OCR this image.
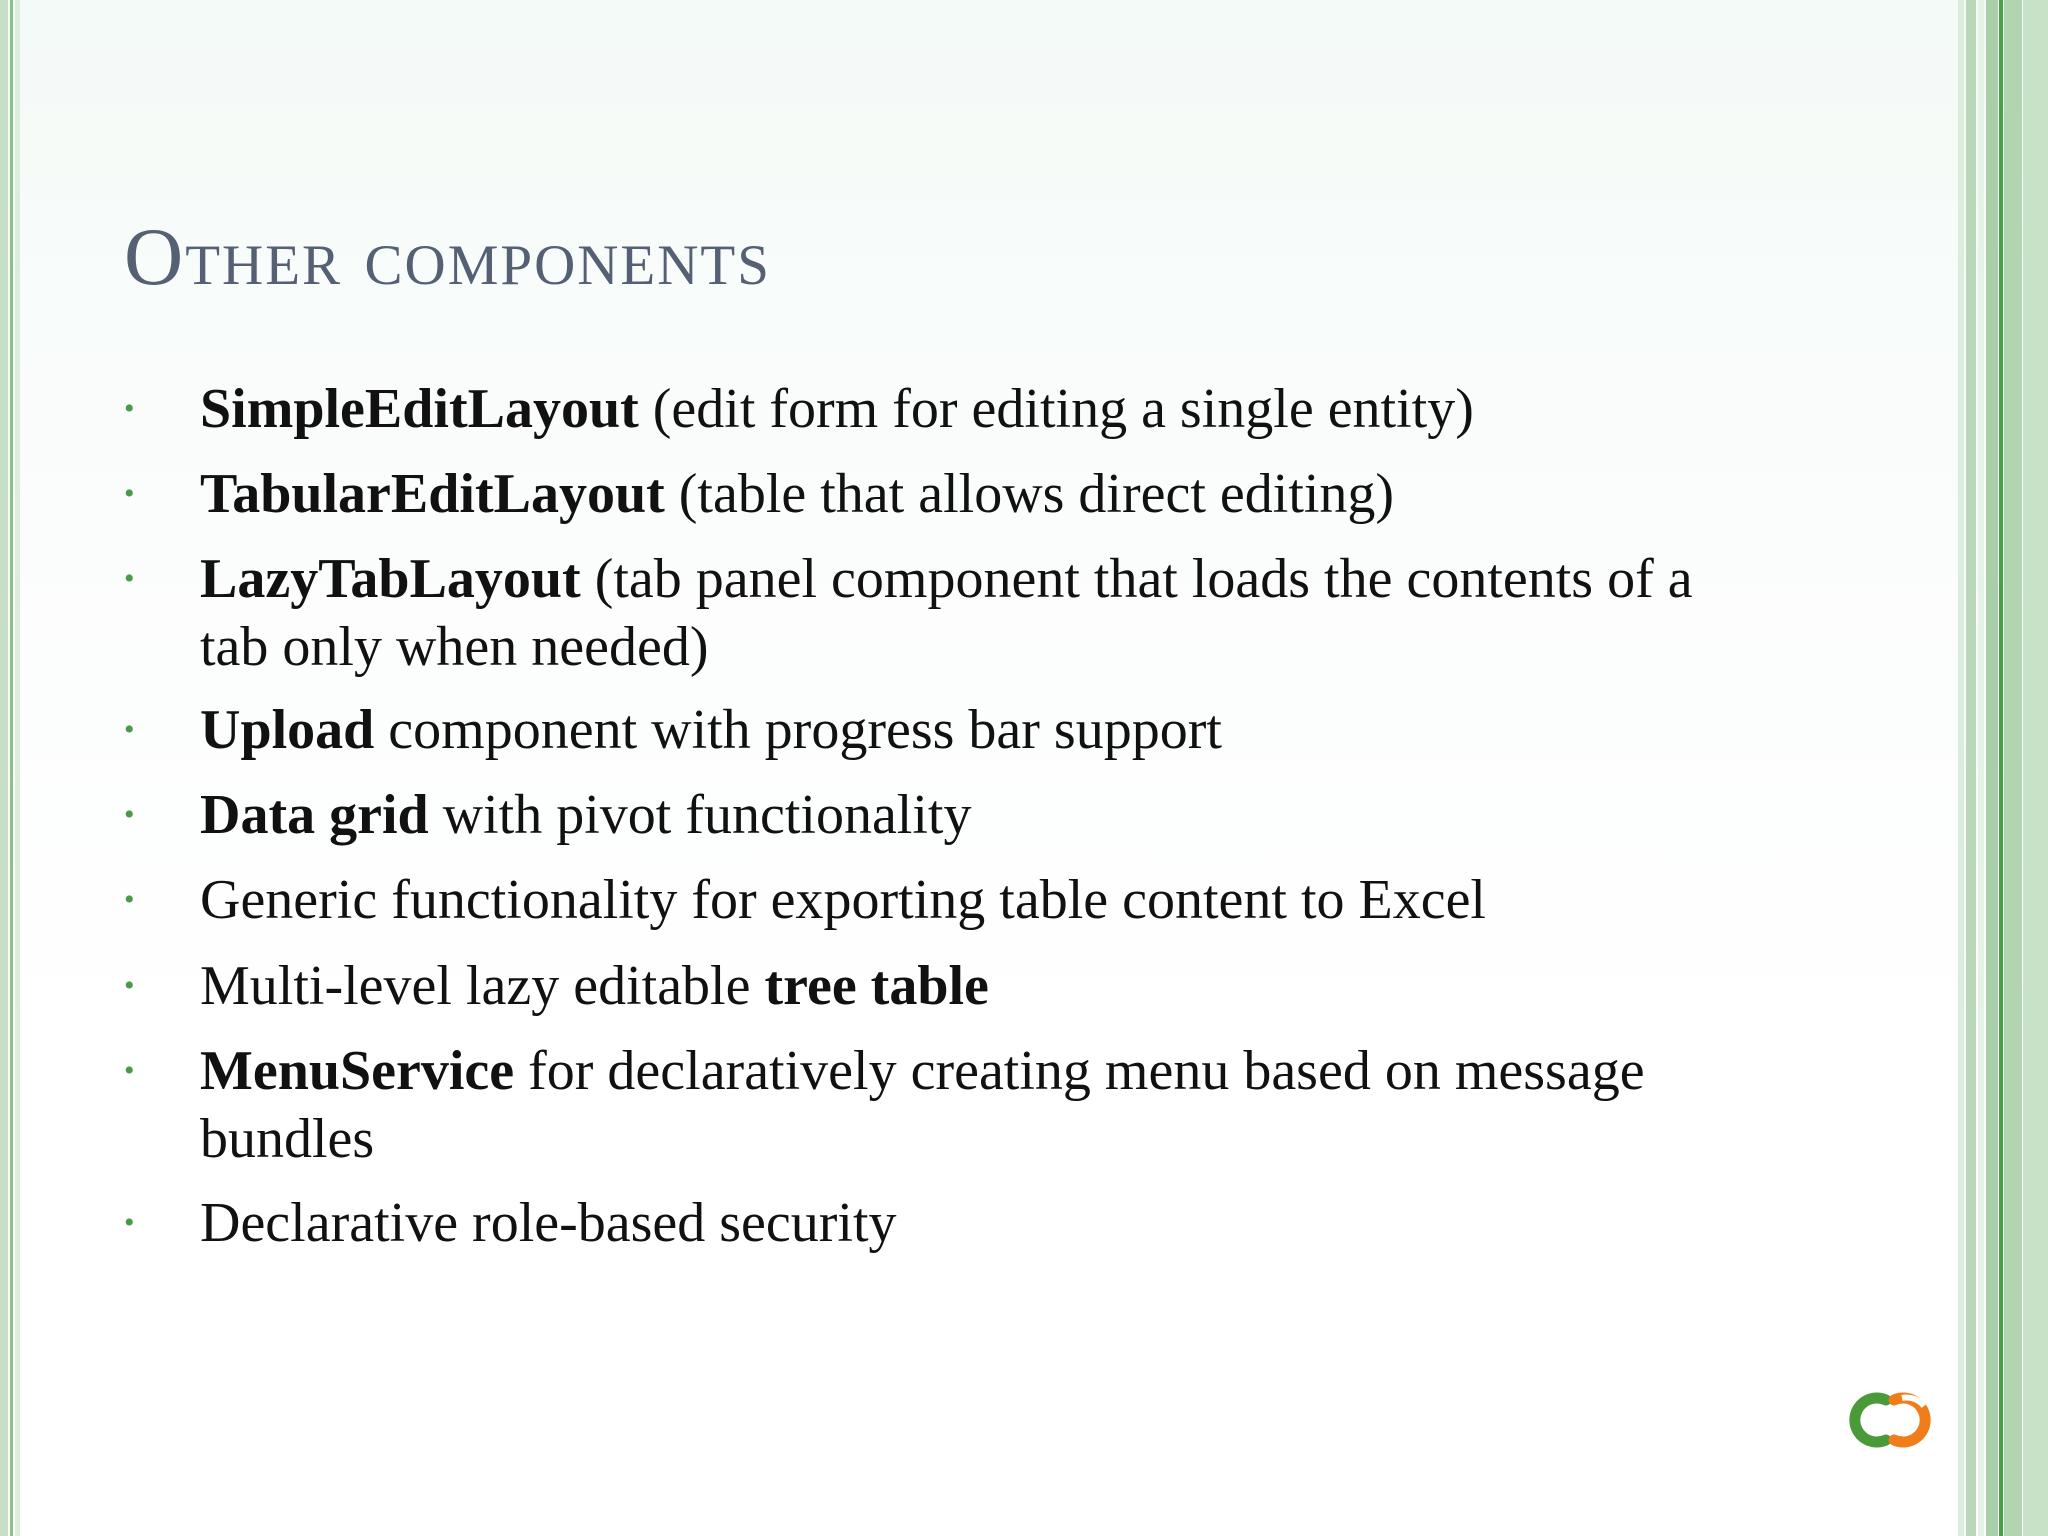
Other components
• SimpleEditLayout (edit form for editing a single entity)
• TabularEditLayout (table that allows direct editing)
• LazyTabLayout (tab panel component that loads the contents of a tab only when needed)
• Upload component with progress bar support
• Data grid with pivot functionality
• Generic functionality for exporting table content to Excel
• Multi-level lazy editable tree table
• MenuService for declaratively creating menu based on message bundles
• Declarative role-based security
